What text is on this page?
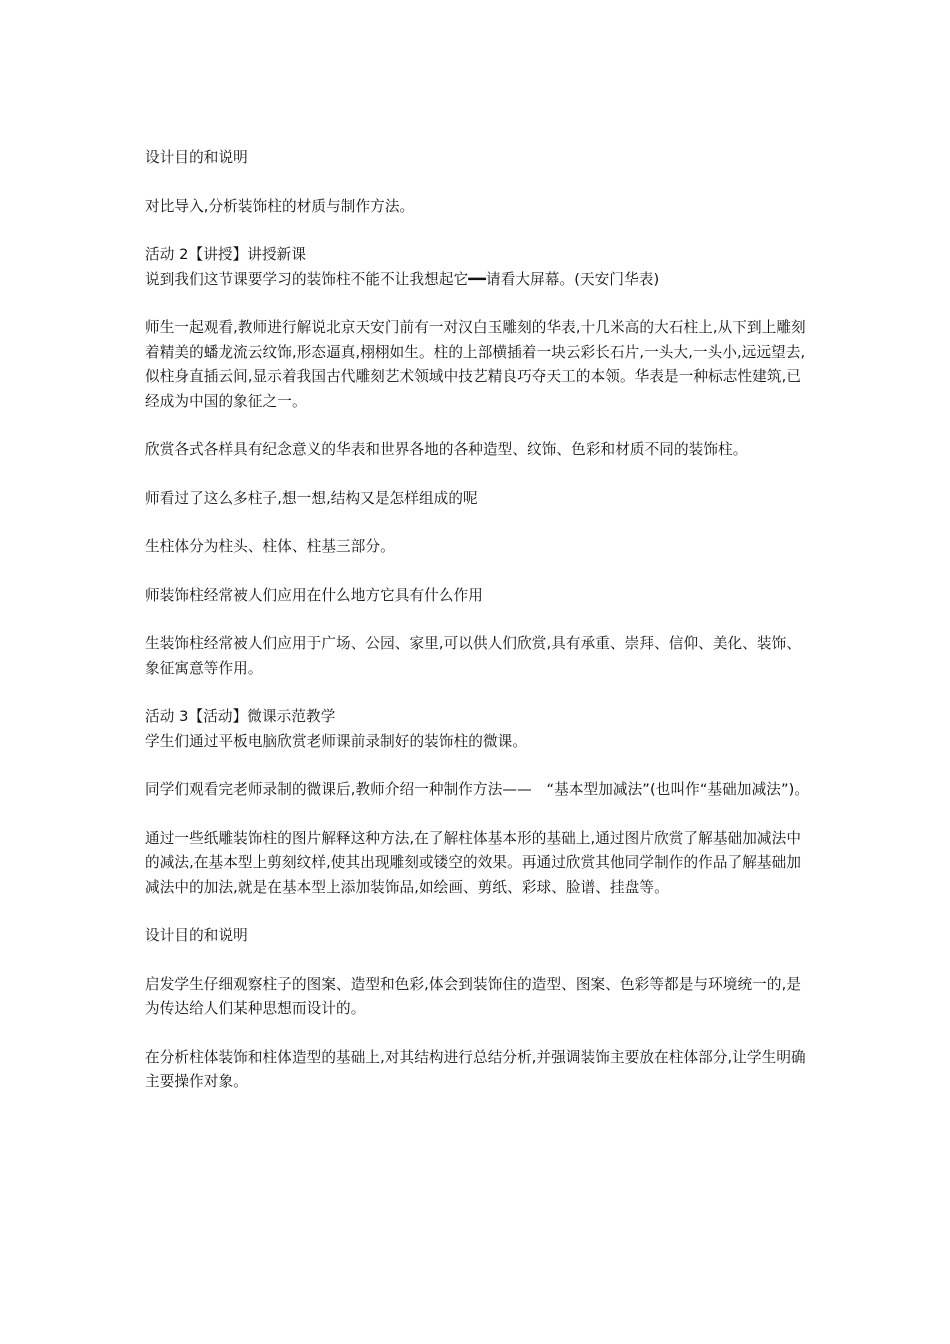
设计目的和说明

对比导入,分析装饰柱的材质与制作方法。

活动 2【讲授】讲授新课

说到我们这节课要学习的装饰柱不能不让我想起它━━请看大屏幕。(天安门华表)

师生一起观看,教师进行解说北京天安门前有一对汉白玉雕刻的华表,十几米高的大石柱上,从下到上雕刻着精美的蟠龙流云纹饰,形态逼真,栩栩如生。柱的上部横插着一块云彩长石片,一头大,一头小,远远望去,似柱身直插云间,显示着我国古代雕刻艺术领域中技艺精良巧夺天工的本领。华表是一种标志性建筑,已经成为中国的象征之一。

欣赏各式各样具有纪念意义的华表和世界各地的各种造型、纹饰、色彩和材质不同的装饰柱。

师看过了这么多柱子,想一想,结构又是怎样组成的呢

生柱体分为柱头、柱体、柱基三部分。

师装饰柱经常被人们应用在什么地方它具有什么作用

生装饰柱经常被人们应用于广场、公园、家里,可以供人们欣赏,具有承重、崇拜、信仰、美化、装饰、象征寓意等作用。

活动 3【活动】微课示范教学

学生们通过平板电脑欣赏老师课前录制好的装饰柱的微课。

同学们观看完老师录制的微课后,教师介绍一种制作方法——　“基本型加减法”(也叫作“基础加减法”)。

通过一些纸雕装饰柱的图片解释这种方法,在了解柱体基本形的基础上,通过图片欣赏了解基础加减法中的减法,在基本型上剪刻纹样,使其出现雕刻或镂空的效果。再通过欣赏其他同学制作的作品了解基础加减法中的加法,就是在基本型上添加装饰品,如绘画、剪纸、彩球、脸谱、挂盘等。

设计目的和说明

启发学生仔细观察柱子的图案、造型和色彩,体会到装饰住的造型、图案、色彩等都是与环境统一的,是为传达给人们某种思想而设计的。

在分析柱体装饰和柱体造型的基础上,对其结构进行总结分析,并强调装饰主要放在柱体部分,让学生明确主要操作对象。
